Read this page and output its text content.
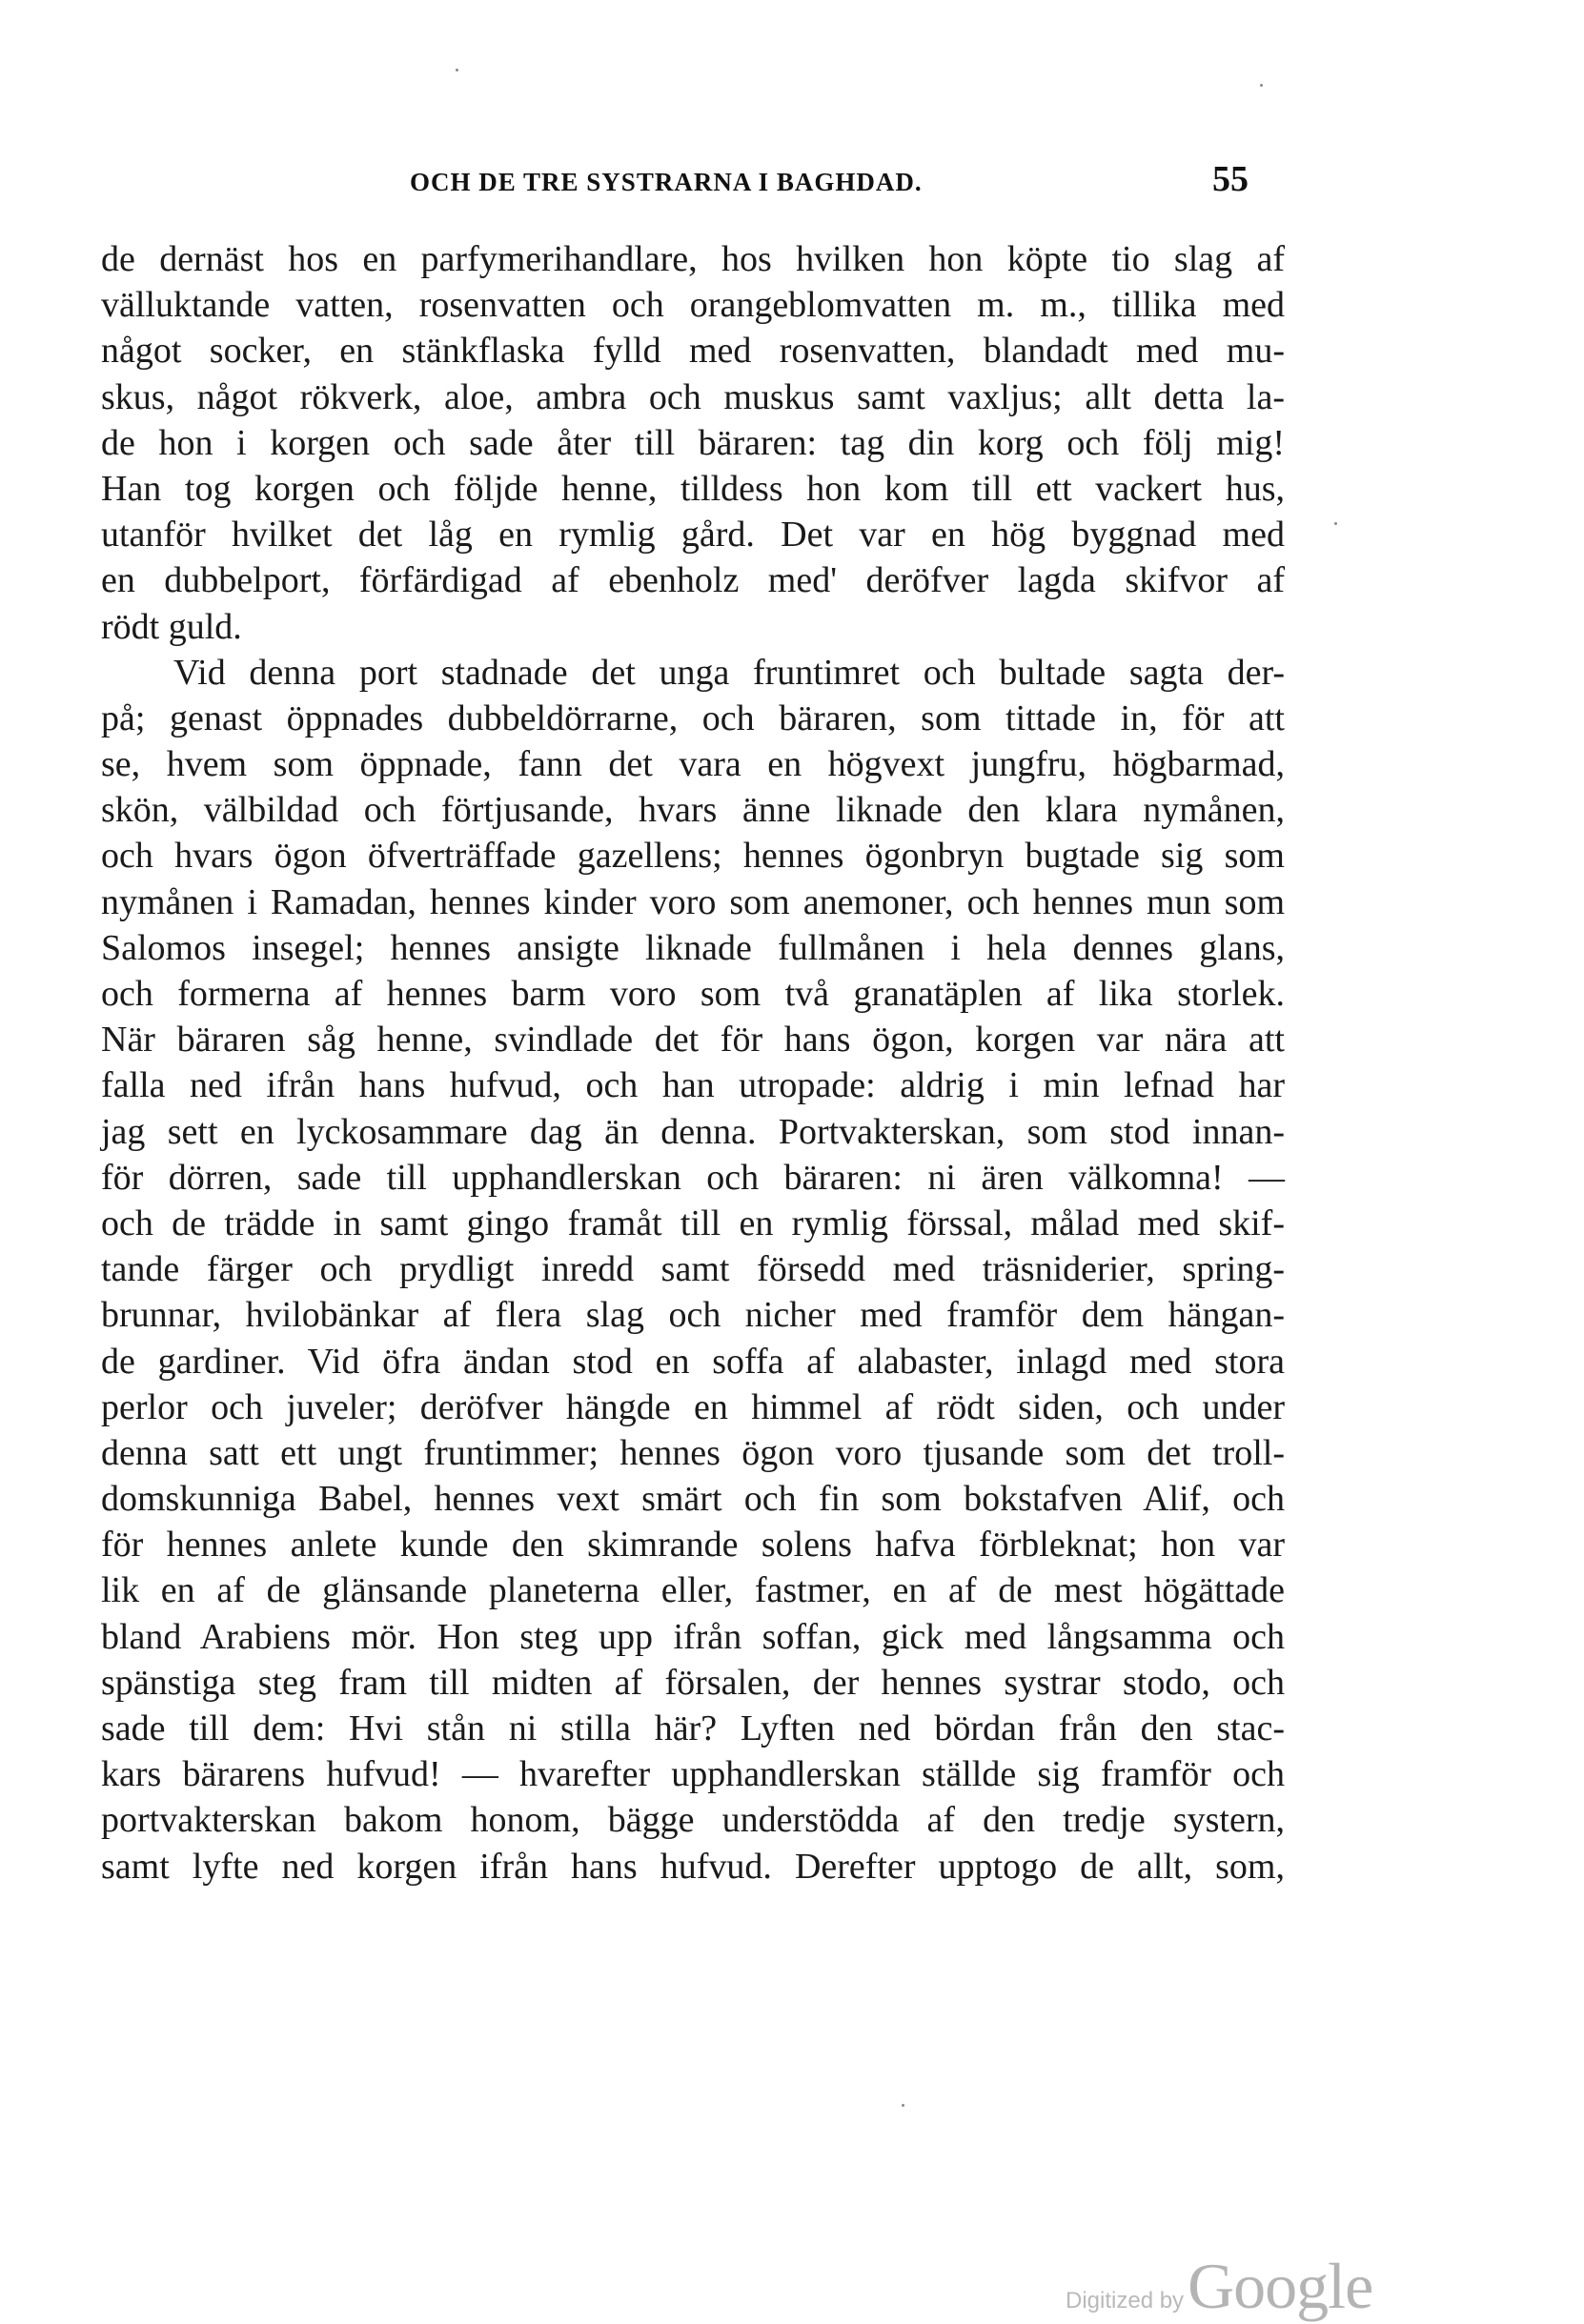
OCH DE TRE SYSTRARNA I BAGHDAD.	55
de dernäst hos en parfymerihandlare, hos hvilken hon köpte tio slag af
välluktande vatten, rosenvatten och orangeblomvatten m. m., tillika med
något socker, en stänkflaska fylld med rosenvatten, blandadt med mu-
skus, något rökverk, aloe, ambra och muskus samt vaxljus; allt detta la-
de hon i korgen och sade åter till bäraren: tag din korg och följ mig!
Han tog korgen och följde henne, tilldess hon kom till ett vackert hus,
utanför hvilket det låg en rymlig gård. Det var en hög byggnad med
en dubbelport, förfärdigad af ebenholz med' deröfver lagda skifvor af
rödt guld.
Vid denna port stadnade det unga fruntimret och bultade sagta der-
på; genast öppnades dubbeldörrarne, och bäraren, som tittade in, för att
se, hvem som öppnade, fann det vara en högvext jungfru, högbarmad,
skön, välbildad och förtjusande, hvars änne liknade den klara nymånen,
och hvars ögon öfverträffade gazellens; hennes ögonbryn bugtade sig som
nymånen i Ramadan, hennes kinder voro som anemoner, och hennes mun som
Salomos insegel; hennes ansigte liknade fullmånen i hela dennes glans,
och formerna af hennes barm voro som två granatäplen af lika storlek.
När bäraren såg henne, svindlade det för hans ögon, korgen var nära att
falla ned ifrån hans hufvud, och han utropade: aldrig i min lefnad har
jag sett en lyckosammare dag än denna. Portvakterskan, som stod innan-
för dörren, sade till upphandlerskan och bäraren: ni ären välkomna! —
och de trädde in samt gingo framåt till en rymlig förssal, målad med skif-
tande färger och prydligt inredd samt försedd med träsniderier, spring-
brunnar, hvilobänkar af flera slag och nicher med framför dem hängan-
de gardiner. Vid öfra ändan stod en soffa af alabaster, inlagd med stora
perlor och juveler; deröfver hängde en himmel af rödt siden, och under
denna satt ett ungt fruntimmer; hennes ögon voro tjusande som det troll-
domskunniga Babel, hennes vext smärt och fin som bokstafven Alif, och
för hennes anlete kunde den skimrande solens hafva förbleknat; hon var
lik en af de glänsande planeterna eller, fastmer, en af de mest högättade
bland Arabiens mör. Hon steg upp ifrån soffan, gick med långsamma och
spänstiga steg fram till midten af försalen, der hennes systrar stodo, och
sade till dem: Hvi stån ni stilla här? Lyften ned bördan från den stac-
kars bärarens hufvud! — hvarefter upphandlerskan ställde sig framför och
portvakterskan bakom honom, bägge understödda af den tredje systern,
samt lyfte ned korgen ifrån hans hufvud. Derefter upptogo de allt, som,
Digitized by Google
